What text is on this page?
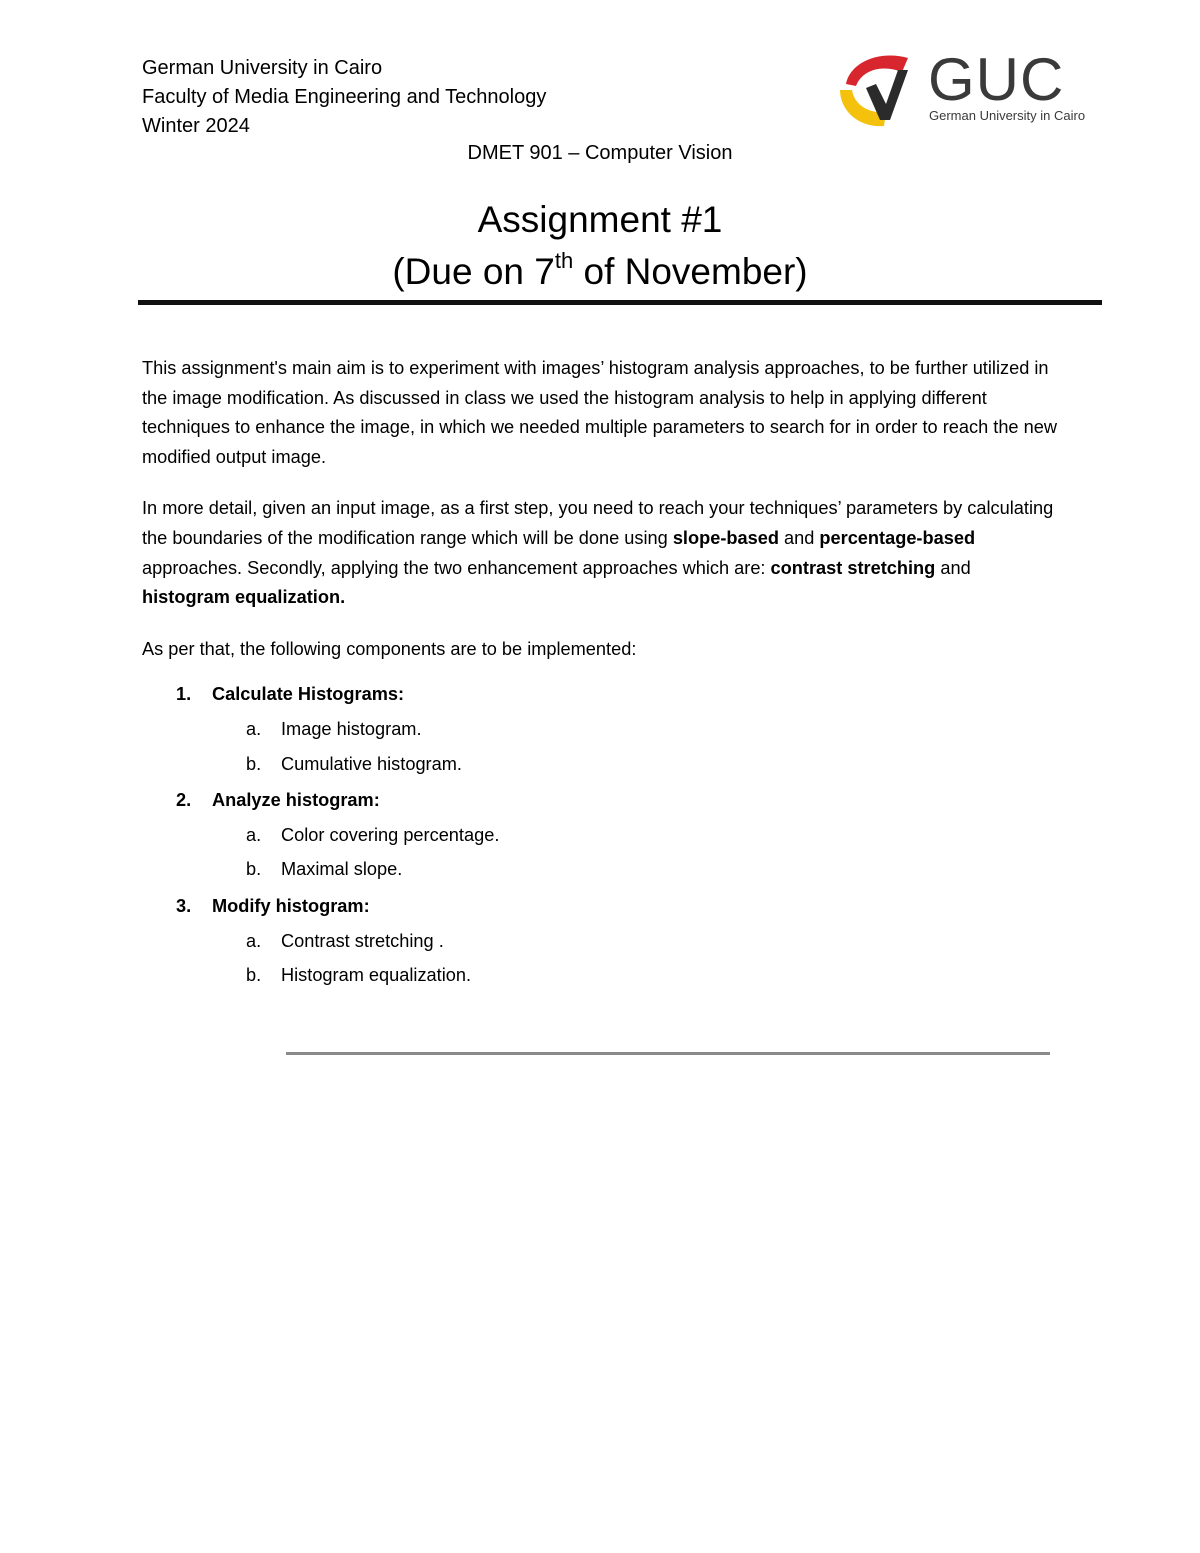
German University in Cairo
Faculty of Media Engineering and Technology
Winter 2024
GUC
German University in Cairo
DMET 901 – Computer Vision
Assignment #1
(Due on 7th of November)

This assignment's main aim is to experiment with images’ histogram analysis approaches, to be further utilized in the image modification. As discussed in class we used the histogram analysis to help in applying different techniques to enhance the image, in which we needed multiple parameters to search for in order to reach the new modified output image.

In more detail, given an input image, as a first step, you need to reach your techniques’ parameters by calculating the boundaries of the modification range which will be done using slope-based and percentage-based approaches. Secondly, applying the two enhancement approaches which are: contrast stretching and histogram equalization.

As per that, the following components are to be implemented:

1. Calculate Histograms:
a. Image histogram.
b. Cumulative histogram.
2. Analyze histogram:
a. Color covering percentage.
b. Maximal slope.
3. Modify histogram:
a. Contrast stretching .
b. Histogram equalization.
